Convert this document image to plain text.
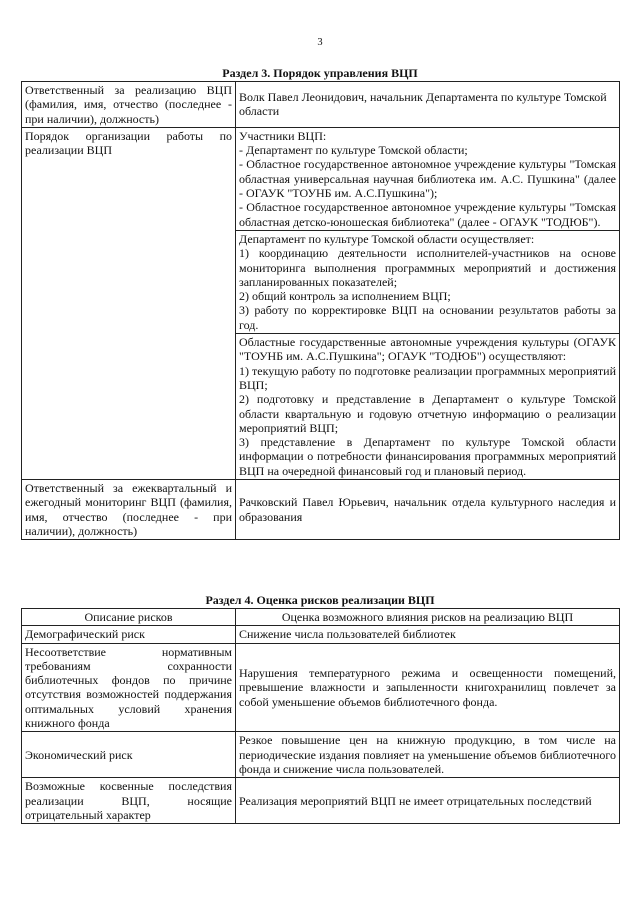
3
Раздел 3. Порядок управления ВЦП
Ответственный за реализацию ВЦП (фамилия, имя, отчество (последнее - при наличии), должность)	Волк Павел Леонидович, начальник Департамента по культуре Томской области
Порядок организации работы по реализации ВЦП	Участники ВЦП:
- Департамент по культуре Томской области;
- Областное государственное автономное учреждение культуры "Томская областная универсальная научная библиотека им. А.С. Пушкина" (далее - ОГАУК "ТОУНБ им. А.С.Пушкина");
- Областное государственное автономное учреждение культуры "Томская областная детско-юношеская библиотека" (далее - ОГАУК "ТОДЮБ").

	Департамент по культуре Томской области осуществляет:
1) координацию деятельности исполнителей-участников на основе мониторинга выполнения программных мероприятий и достижения запланированных показателей;
2) общий контроль за исполнением ВЦП;
3) работу по корректировке ВЦП на основании результатов работы за год.

	Областные государственные автономные учреждения культуры (ОГАУК "ТОУНБ им. А.С.Пушкина"; ОГАУК "ТОДЮБ") осуществляют:
1) текущую работу по подготовке реализации программных мероприятий ВЦП;
2) подготовку и представление в Департамент о культуре Томской области квартальную и годовую отчетную информацию о реализации мероприятий ВЦП;
3) представление в Департамент по культуре Томской области информации о потребности финансирования программных мероприятий ВЦП на очередной финансовый год и плановый период.

Ответственный за ежеквартальный и ежегодный мониторинг ВЦП (фамилия, имя, отчество (последнее - при наличии), должность)	Рачковский Павел Юрьевич, начальник отдела культурного наследия и образования
Раздел 4. Оценка рисков реализации ВЦП
Описание рисков	Оценка возможного влияния рисков на реализацию ВЦП
Демографический риск	Снижение числа пользователей библиотек
Несоответствие нормативным требованиям сохранности библиотечных фондов по причине отсутствия возможностей поддержания оптимальных условий хранения книжного фонда	Нарушения температурного режима и освещенности помещений, превышение влажности и запыленности книгохранилищ повлечет за собой уменьшение объемов библиотечного фонда.
Экономический риск	Резкое повышение цен на книжную продукцию, в том числе на периодические издания повлияет на уменьшение объемов библиотечного фонда и снижение числа пользователей.
Возможные косвенные последствия реализации ВЦП, носящие отрицательный характер	Реализация мероприятий ВЦП не имеет отрицательных последствий
